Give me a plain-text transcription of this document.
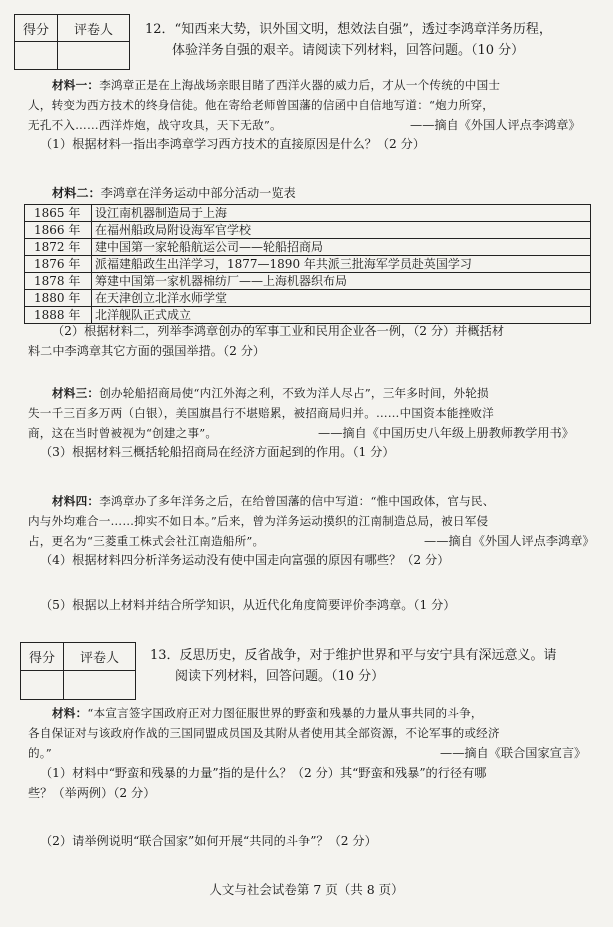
得分	评卷人
	12．“知西来大势，识外国文明，想效法自强”，透过李鸿章洋务历程，
体验洋务自强的艰辛。请阅读下列材料，回答问题。（10 分）
材料一：李鸿章正是在上海战场亲眼目睹了西洋火器的威力后，才从一个传统的中国士
人，转变为西方技术的终身信徒。他在寄给老师曾国藩的信函中自信地写道：“炮力所穿，
无孔不入……西洋炸炮，战守攻具，天下无敌”。	——摘自《外国人评点李鸿章》
（1）根据材料一指出李鸿章学习西方技术的直接原因是什么？（2 分）
材料二：李鸿章在洋务运动中部分活动一览表
1865 年	设江南机器制造局于上海
1866 年	在福州船政局附设海军官学校
1872 年	建中国第一家轮船航运公司——轮船招商局
1876 年	派福建船政生出洋学习，1877—1890 年共派三批海军学员赴英国学习
1878 年	筹建中国第一家机器棉纺厂——上海机器织布局
1880 年	在天津创立北洋水师学堂
1888 年	北洋舰队正式成立
（2）根据材料二，列举李鸿章创办的军事工业和民用企业各一例，（2 分）并概括材
料二中李鸿章其它方面的强国举措。（2 分）
材料三：创办轮船招商局使“内江外海之利，不致为洋人尽占”，三年多时间，外轮损
失一千三百多万两（白银），美国旗昌行不堪赔累，被招商局归并。……中国资本能挫败洋
商，这在当时曾被视为“创建之事”。	——摘自《中国历史八年级上册教师教学用书》
（3）根据材料三概括轮船招商局在经济方面起到的作用。（1 分）
材料四：李鸿章办了多年洋务之后，在给曾国藩的信中写道：“惟中国政体，官与民、
内与外均难合一……抑实不如日本。”后来，曾为洋务运动摸织的江南制造总局，被日军侵
占，更名为“三菱重工株式会社江南造船所”。	——摘自《外国人评点李鸿章》
（4）根据材料四分析洋务运动没有使中国走向富强的原因有哪些？（2 分）
（5）根据以上材料并结合所学知识，从近代化角度简要评价李鸿章。（1 分）
得分	评卷人
	13．反思历史，反省战争，对于维护世界和平与安宁具有深远意义。请
阅读下列材料，回答问题。（10 分）
材料：“本宣言签字国政府正对力图征服世界的野蛮和残暴的力量从事共同的斗争，
各自保证对与该政府作战的三国同盟成员国及其附从者使用其全部资源，不论军事的或经济
的。”	——摘自《联合国家宣言》
（1）材料中“野蛮和残暴的力量”指的是什么？（2 分）其“野蛮和残暴”的行径有哪
些？（举两例）（2 分）
（2）请举例说明“联合国家”如何开展“共同的斗争”？（2 分）
人文与社会试卷第 7 页（共 8 页）
